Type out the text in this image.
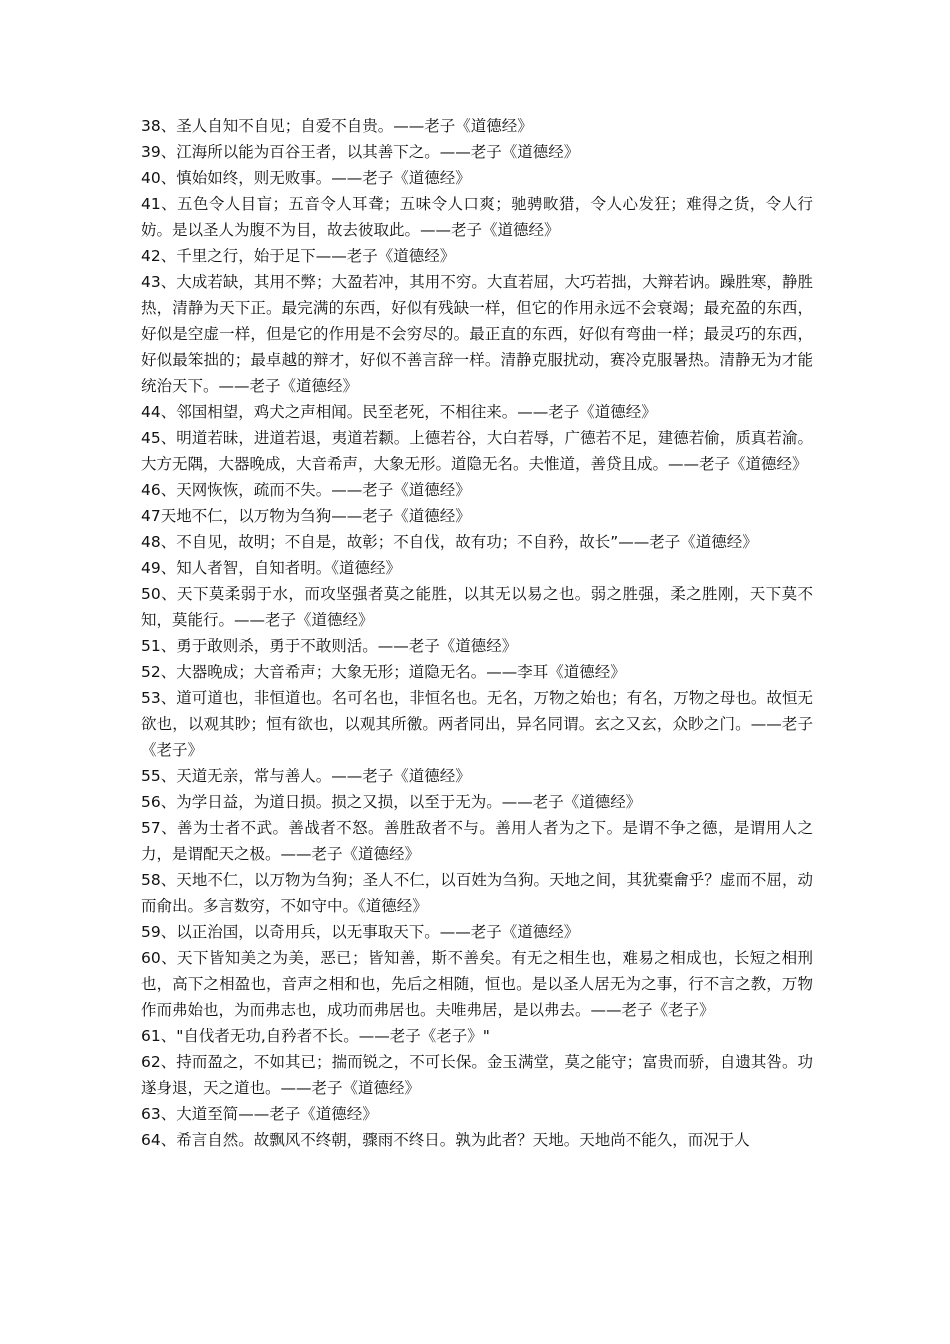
38、圣人自知不自见；自爱不自贵。——老子《道德经》

39、江海所以能为百谷王者，以其善下之。——老子《道德经》

40、慎始如终，则无败事。——老子《道德经》

41、五色令人目盲；五音令人耳聋；五味令人口爽；驰骋畋猎，令人心发狂；难得之货，令人行妨。是以圣人为腹不为目，故去彼取此。——老子《道德经》

42、千里之行，始于足下——老子《道德经》

43、大成若缺，其用不弊；大盈若冲，其用不穷。大直若屈，大巧若拙，大辩若讷。躁胜寒，静胜热，清静为天下正。最完满的东西，好似有残缺一样，但它的作用永远不会衰竭；最充盈的东西，好似是空虚一样，但是它的作用是不会穷尽的。最正直的东西，好似有弯曲一样；最灵巧的东西，好似最笨拙的；最卓越的辩才，好似不善言辞一样。清静克服扰动，赛冷克服暑热。清静无为才能统治天下。——老子《道德经》

44、邻国相望，鸡犬之声相闻。民至老死，不相往来。——老子《道德经》

45、明道若昧，进道若退，夷道若颣。上德若谷，大白若辱，广德若不足，建德若偷，质真若渝。大方无隅，大器晚成，大音希声，大象无形。道隐无名。夫惟道，善贷且成。——老子《道德经》

46、天网恢恢，疏而不失。——老子《道德经》

47天地不仁，以万物为刍狗——老子《道德经》

48、不自见，故明；不自是，故彰；不自伐，故有功；不自矜，故长”——老子《道德经》

49、知人者智，自知者明。《道德经》

50、天下莫柔弱于水，而攻坚强者莫之能胜，以其无以易之也。弱之胜强，柔之胜刚，天下莫不知，莫能行。——老子《道德经》

51、勇于敢则杀，勇于不敢则活。——老子《道德经》

52、大器晚成；大音希声；大象无形；道隐无名。——李耳《道德经》

53、道可道也，非恒道也。名可名也，非恒名也。无名，万物之始也；有名，万物之母也。故恒无欲也，以观其眇；恒有欲也，以观其所徼。两者同出，异名同谓。玄之又玄，众眇之门。——老子《老子》

55、天道无亲，常与善人。——老子《道德经》

56、为学日益，为道日损。损之又损，以至于无为。——老子《道德经》

57、善为士者不武。善战者不怒。善胜敌者不与。善用人者为之下。是谓不争之德，是谓用人之力，是谓配天之极。——老子《道德经》

58、天地不仁，以万物为刍狗；圣人不仁，以百姓为刍狗。天地之间，其犹橐龠乎？虚而不屈，动而俞出。多言数穷，不如守中。《道德经》

59、以正治国，以奇用兵，以无事取天下。——老子《道德经》

60、天下皆知美之为美，恶已；皆知善，斯不善矣。有无之相生也，难易之相成也，长短之相刑也，高下之相盈也，音声之相和也，先后之相随，恒也。是以圣人居无为之事，行不言之教，万物作而弗始也，为而弗志也，成功而弗居也。夫唯弗居，是以弗去。——老子《老子》

61、"自伐者无功,自矜者不长。——老子《老子》"

62、持而盈之，不如其已；揣而锐之，不可长保。金玉满堂，莫之能守；富贵而骄，自遗其咎。功遂身退，天之道也。——老子《道德经》

63、大道至简——老子《道德经》

64、希言自然。故飘风不终朝，骤雨不终日。孰为此者？天地。天地尚不能久，而况于人
